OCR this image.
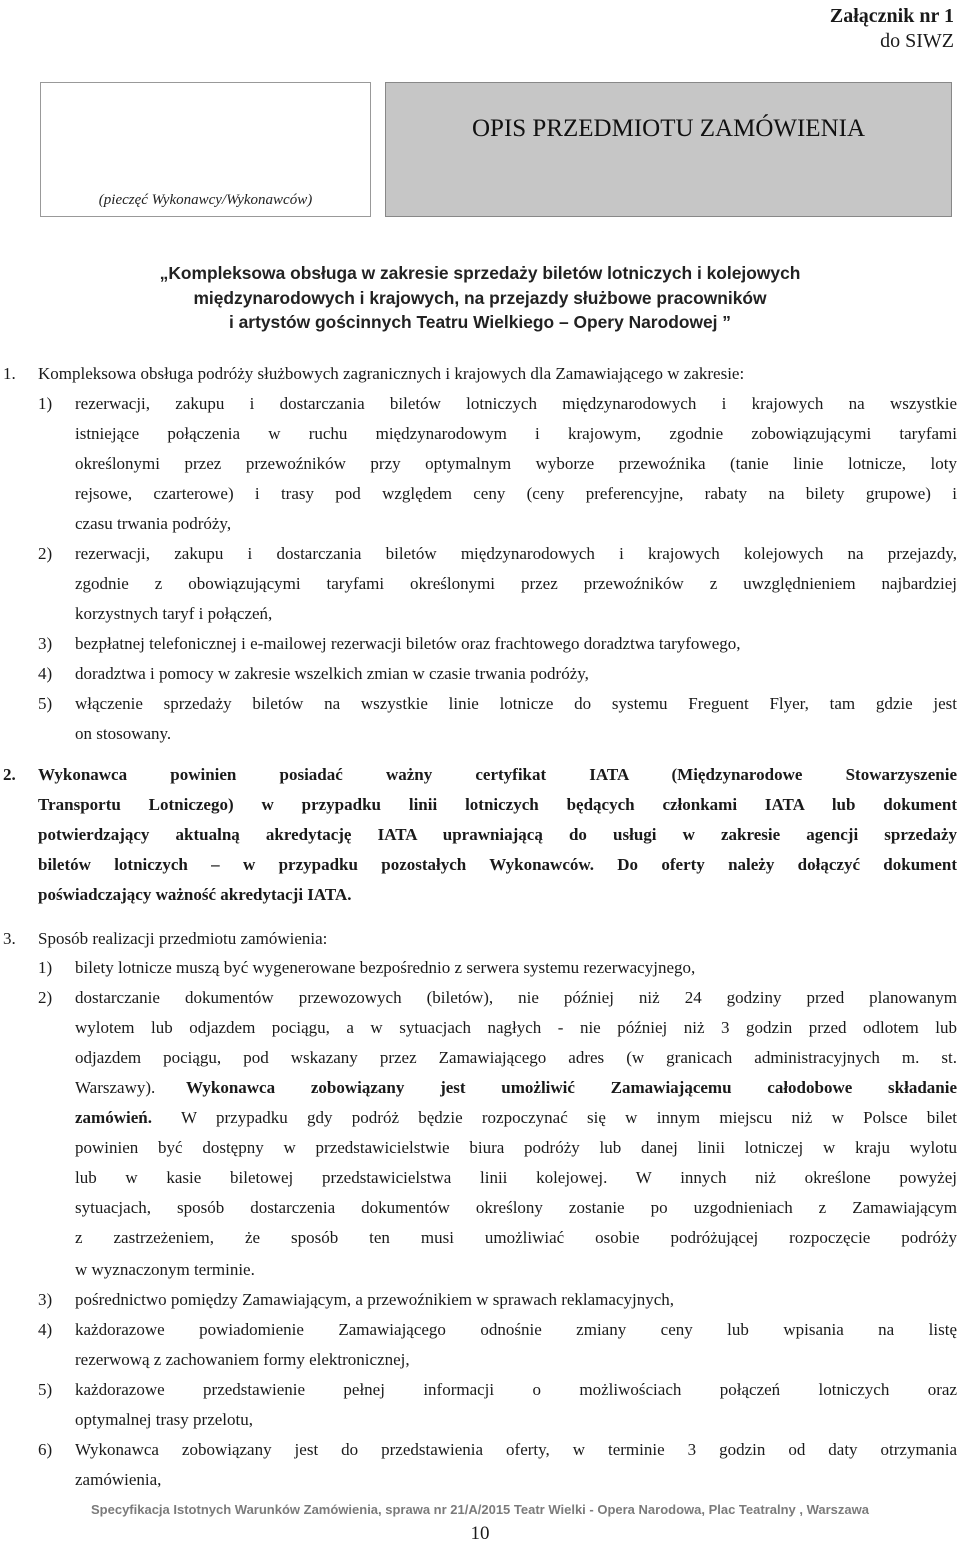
Załącznik nr 1
do SIWZ
(pieczęć Wykonawcy/Wykonawców)
OPIS PRZEDMIOTU ZAMÓWIENIA
„Kompleksowa obsługa w zakresie sprzedaży biletów lotniczych i kolejowych
międzynarodowych i krajowych, na przejazdy służbowe pracowników
i artystów gościnnych Teatru Wielkiego – Opery Narodowej ”
1. Kompleksowa obsługa podróży służbowych zagranicznych i krajowych dla Zamawiającego w zakresie:
1) rezerwacji, zakupu i dostarczania biletów lotniczych międzynarodowych i krajowych na wszystkie
istniejące połączenia w ruchu międzynarodowym i krajowym, zgodnie zobowiązującymi taryfami
określonymi przez przewoźników przy optymalnym wyborze przewoźnika (tanie linie lotnicze, loty
rejsowe, czarterowe) i trasy pod względem ceny (ceny preferencyjne, rabaty na bilety grupowe) i
czasu trwania podróży,
2) rezerwacji, zakupu i dostarczania biletów międzynarodowych i krajowych kolejowych na przejazdy,
zgodnie z obowiązującymi taryfami określonymi przez przewoźników z uwzględnieniem najbardziej
korzystnych taryf i połączeń,
3) bezpłatnej telefonicznej i e-mailowej rezerwacji biletów oraz frachtowego doradztwa taryfowego,
4) doradztwa i pomocy w zakresie wszelkich zmian w czasie trwania podróży,
5) włączenie sprzedaży biletów na wszystkie linie lotnicze do systemu Freguent Flyer, tam gdzie jest
on stosowany.
2. Wykonawca powinien posiadać ważny certyfikat IATA (Międzynarodowe Stowarzyszenie
Transportu Lotniczego) w przypadku linii lotniczych będących członkami IATA lub dokument
potwierdzający aktualną akredytację IATA uprawniającą do usługi w zakresie agencji sprzedaży
biletów lotniczych – w przypadku pozostałych Wykonawców. Do oferty należy dołączyć dokument
poświadczający ważność akredytacji IATA.
3. Sposób realizacji przedmiotu zamówienia:
1) bilety lotnicze muszą być wygenerowane bezpośrednio z serwera systemu rezerwacyjnego,
2) dostarczanie dokumentów przewozowych (biletów), nie później niż 24 godziny przed planowanym
wylotem lub odjazdem pociągu, a w sytuacjach nagłych - nie później niż 3 godzin przed odlotem lub
odjazdem pociągu, pod wskazany przez Zamawiającego adres (w granicach administracyjnych m. st.
Warszawy). Wykonawca zobowiązany jest umożliwić Zamawiającemu całodobowe składanie
zamówień. W przypadku gdy podróż będzie rozpoczynać się w innym miejscu niż w Polsce bilet
powinien być dostępny w przedstawicielstwie biura podróży lub danej linii lotniczej w kraju wylotu
lub w kasie biletowej przedstawicielstwa linii kolejowej. W innych niż określone powyżej
sytuacjach, sposób dostarczenia dokumentów określony zostanie po uzgodnieniach z Zamawiającym
z zastrzeżeniem, że sposób ten musi umożliwiać osobie podróżującej rozpoczęcie podróży
w wyznaczonym terminie.
3) pośrednictwo pomiędzy Zamawiającym, a przewoźnikiem w sprawach reklamacyjnych,
4) każdorazowe powiadomienie Zamawiającego odnośnie zmiany ceny lub wpisania na listę
rezerwową z zachowaniem formy elektronicznej,
5) każdorazowe przedstawienie pełnej informacji o możliwościach połączeń lotniczych oraz
optymalnej trasy przelotu,
6) Wykonawca zobowiązany jest do przedstawienia oferty, w terminie 3 godzin od daty otrzymania
zamówienia,
Specyfikacja Istotnych Warunków Zamówienia, sprawa nr 21/A/2015 Teatr Wielki - Opera Narodowa, Plac Teatralny , Warszawa
10
